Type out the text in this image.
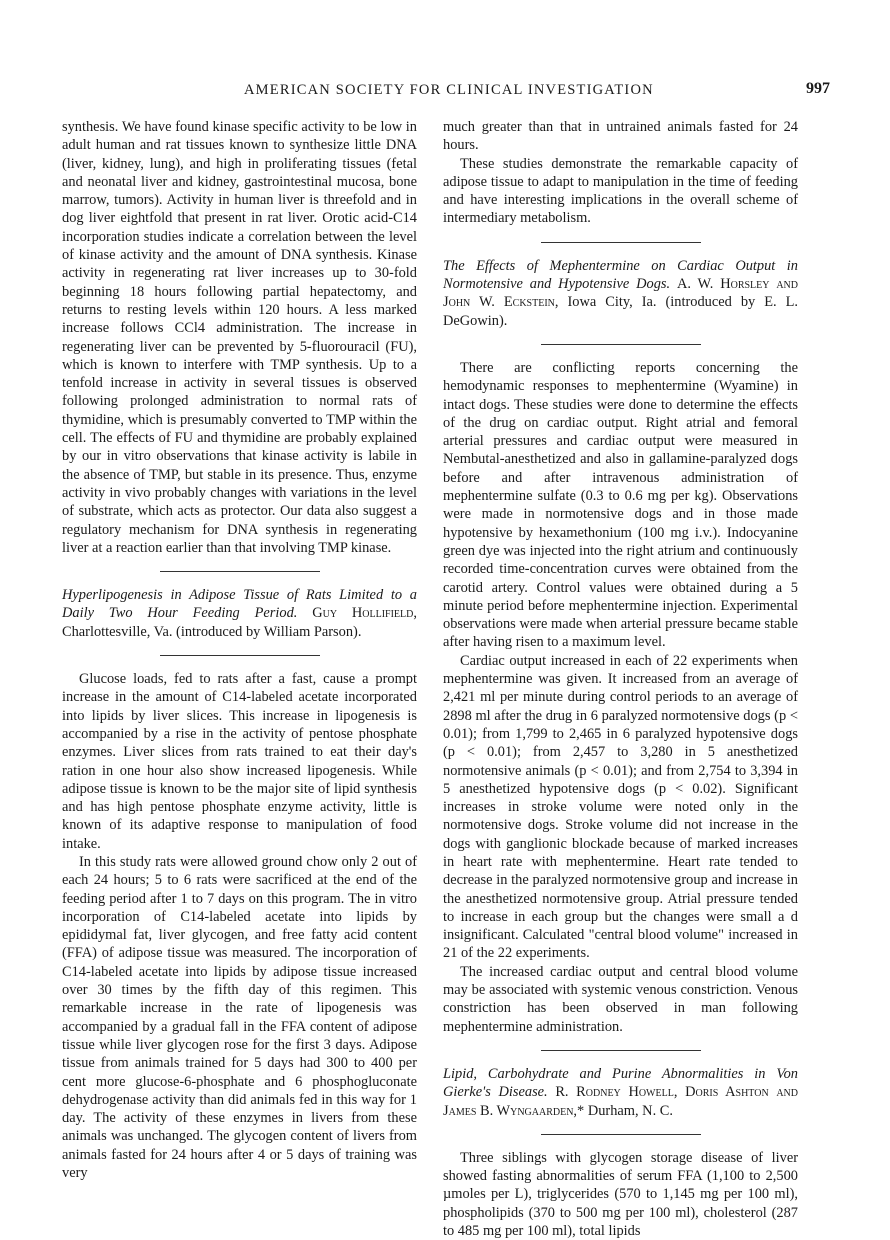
AMERICAN SOCIETY FOR CLINICAL INVESTIGATION	997

synthesis. We have found kinase specific activity to be low in adult human and rat tissues known to synthesize little DNA (liver, kidney, lung), and high in proliferating tissues (fetal and neonatal liver and kidney, gastrointestinal mucosa, bone marrow, tumors). Activity in human liver is threefold and in dog liver eightfold that present in rat liver. Orotic acid-C14 incorporation studies indicate a correlation between the level of kinase activity and the amount of DNA synthesis. Kinase activity in regenerating rat liver increases up to 30-fold beginning 18 hours following partial hepatectomy, and returns to resting levels within 120 hours. A less marked increase follows CCl4 administration. The increase in regenerating liver can be prevented by 5-fluorouracil (FU), which is known to interfere with TMP synthesis. Up to a tenfold increase in activity in several tissues is observed following prolonged administration to normal rats of thymidine, which is presumably converted to TMP within the cell. The effects of FU and thymidine are probably explained by our in vitro observations that kinase activity is labile in the absence of TMP, but stable in its presence. Thus, enzyme activity in vivo probably changes with variations in the level of substrate, which acts as protector. Our data also suggest a regulatory mechanism for DNA synthesis in regenerating liver at a reaction earlier than that involving TMP kinase.

Hyperlipogenesis in Adipose Tissue of Rats Limited to a Daily Two Hour Feeding Period. Guy Hollifield, Charlottesville, Va. (introduced by William Parson).

Glucose loads, fed to rats after a fast, cause a prompt increase in the amount of C14-labeled acetate incorporated into lipids by liver slices. This increase in lipogenesis is accompanied by a rise in the activity of pentose phosphate enzymes. Liver slices from rats trained to eat their day's ration in one hour also show increased lipogenesis. While adipose tissue is known to be the major site of lipid synthesis and has high pentose phosphate enzyme activity, little is known of its adaptive response to manipulation of food intake.

In this study rats were allowed ground chow only 2 out of each 24 hours; 5 to 6 rats were sacrificed at the end of the feeding period after 1 to 7 days on this program. The in vitro incorporation of C14-labeled acetate into lipids by epididymal fat, liver glycogen, and free fatty acid content (FFA) of adipose tissue was measured. The incorporation of C14-labeled acetate into lipids by adipose tissue increased over 30 times by the fifth day of this regimen. This remarkable increase in the rate of lipogenesis was accompanied by a gradual fall in the FFA content of adipose tissue while liver glycogen rose for the first 3 days. Adipose tissue from animals trained for 5 days had 300 to 400 per cent more glucose-6-phosphate and 6 phosphogluconate dehydrogenase activity than did animals fed in this way for 1 day. The activity of these enzymes in livers from these animals was unchanged. The glycogen content of livers from animals fasted for 24 hours after 4 or 5 days of training was very

much greater than that in untrained animals fasted for 24 hours.

These studies demonstrate the remarkable capacity of adipose tissue to adapt to manipulation in the time of feeding and have interesting implications in the overall scheme of intermediary metabolism.

The Effects of Mephentermine on Cardiac Output in Normotensive and Hypotensive Dogs. A. W. Horsley and John W. Eckstein, Iowa City, Ia. (introduced by E. L. DeGowin).

There are conflicting reports concerning the hemodynamic responses to mephentermine (Wyamine) in intact dogs. These studies were done to determine the effects of the drug on cardiac output. Right atrial and femoral arterial pressures and cardiac output were measured in Nembutal-anesthetized and also in gallamine-paralyzed dogs before and after intravenous administration of mephentermine sulfate (0.3 to 0.6 mg per kg). Observations were made in normotensive dogs and in those made hypotensive by hexamethonium (100 mg i.v.). Indocyanine green dye was injected into the right atrium and continuously recorded time-concentration curves were obtained from the carotid artery. Control values were obtained during a 5 minute period before mephentermine injection. Experimental observations were made when arterial pressure became stable after having risen to a maximum level.

Cardiac output increased in each of 22 experiments when mephentermine was given. It increased from an average of 2,421 ml per minute during control periods to an average of 2898 ml after the drug in 6 paralyzed normotensive dogs (p < 0.01); from 1,799 to 2,465 in 6 paralyzed hypotensive dogs (p < 0.01); from 2,457 to 3,280 in 5 anesthetized normotensive animals (p < 0.01); and from 2,754 to 3,394 in 5 anesthetized hypotensive dogs (p < 0.02). Significant increases in stroke volume were noted only in the normotensive dogs. Stroke volume did not increase in the dogs with ganglionic blockade because of marked increases in heart rate with mephentermine. Heart rate tended to decrease in the paralyzed normotensive group and increase in the anesthetized normotensive group. Atrial pressure tended to increase in each group but the changes were small a d insignificant. Calculated "central blood volume" increased in 21 of the 22 experiments.

The increased cardiac output and central blood volume may be associated with systemic venous constriction. Venous constriction has been observed in man following mephentermine administration.

Lipid, Carbohydrate and Purine Abnormalities in Von Gierke's Disease. R. Rodney Howell, Doris Ashton and James B. Wyngaarden,* Durham, N. C.

Three siblings with glycogen storage disease of liver showed fasting abnormalities of serum FFA (1,100 to 2,500 µmoles per L), triglycerides (570 to 1,145 mg per 100 ml), phospholipids (370 to 500 mg per 100 ml), cholesterol (287 to 485 mg per 100 ml), total lipids
